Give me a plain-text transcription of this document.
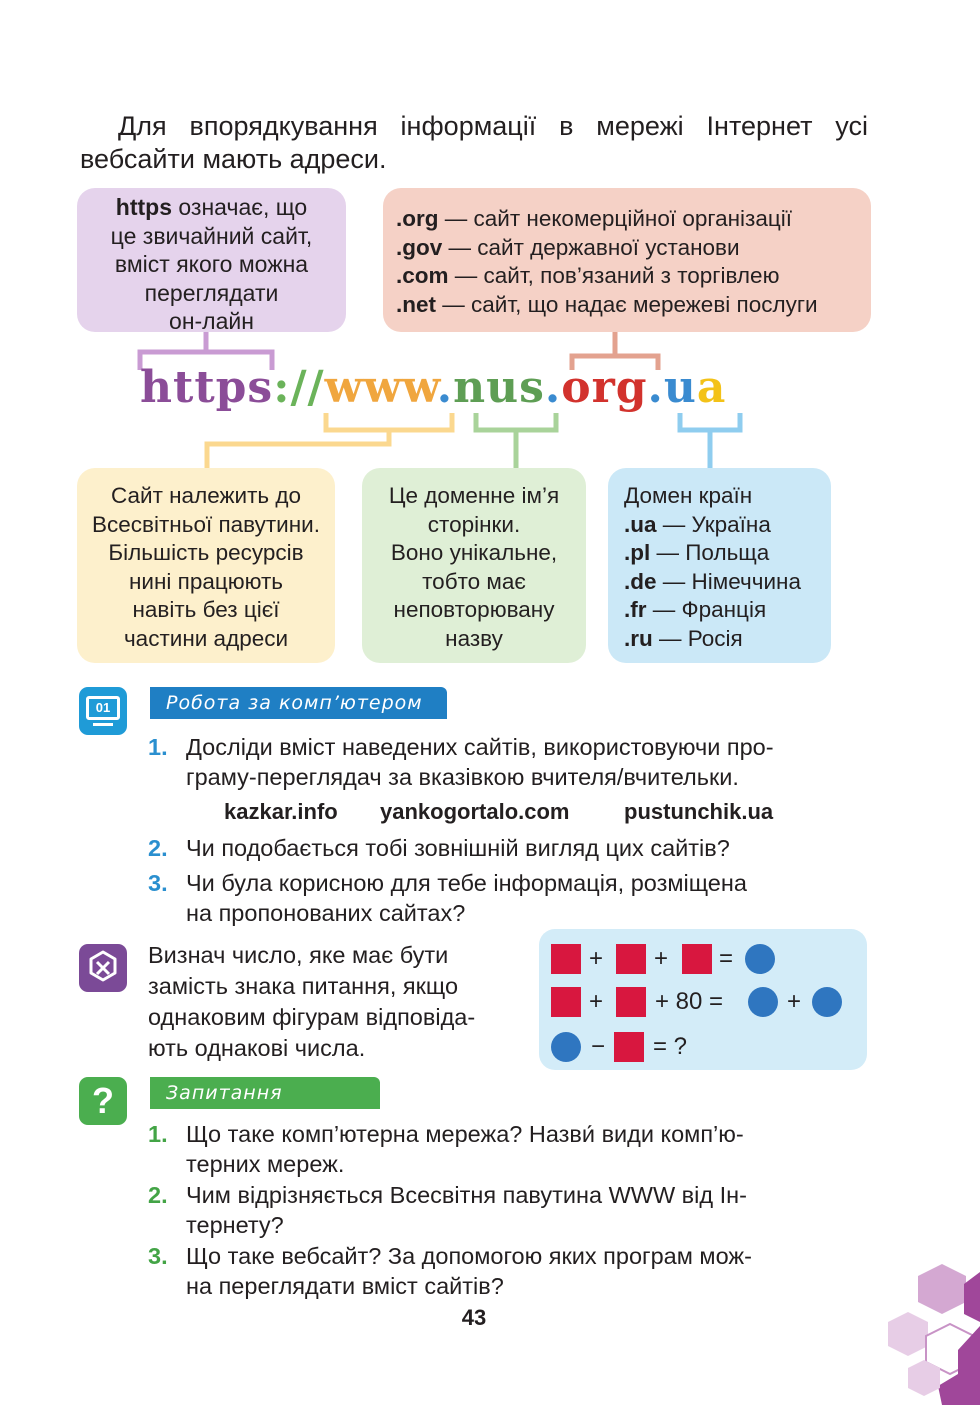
Для впорядкування інформації в мережі Інтернет усі вебсайти мають адреси.

https означає, що
це звичайний сайт,
вміст якого можна
переглядати
он-лайн
.org — сайт некомерційної організації
.gov — сайт державної установи
.com — сайт, пов’язаний з торгівлею
.net — сайт, що надає мережеві послуги
https://www.nus.org.ua
Сайт належить до
Всесвітньої павутини.
Більшість ресурсів
нині працюють
навіть без цієї
частини адреси
Це доменне ім’я
сторінки.
Воно унікальне,
тобто має
неповторювану
назву
Домен країн
.ua — Україна
.pl — Польща
.de — Німеччина
.fr — Франція
.ru — Росія
01	Робота за комп’ютером
1. Досліди вміст наведених сайтів, використовуючи про-
граму-переглядач за вказівкою вчителя/вчительки.
kazkar.info yankogortalo.com pustunchik.ua
2. Чи подобається тобі зовнішній вигляд цих сайтів?
3. Чи була корисною для тебе інформація, розміщена
на пропонованих сайтах?
Визнач число, яке має бути
замість знака питання, якщо
однаковим фігурам відповіда-
ють однакові числа.
+ + =
+ + 80 =	+
− = ?
?	Запитання
1. Що таке комп’ютерна мережа? Назви́ види комп’ю-
терних мереж.
2. Чим відрізняється Всесвітня павутина WWW від Ін-
тернету?
3. Що таке вебсайт? За допомогою яких програм мож-
на переглядати вміст сайтів?
43
